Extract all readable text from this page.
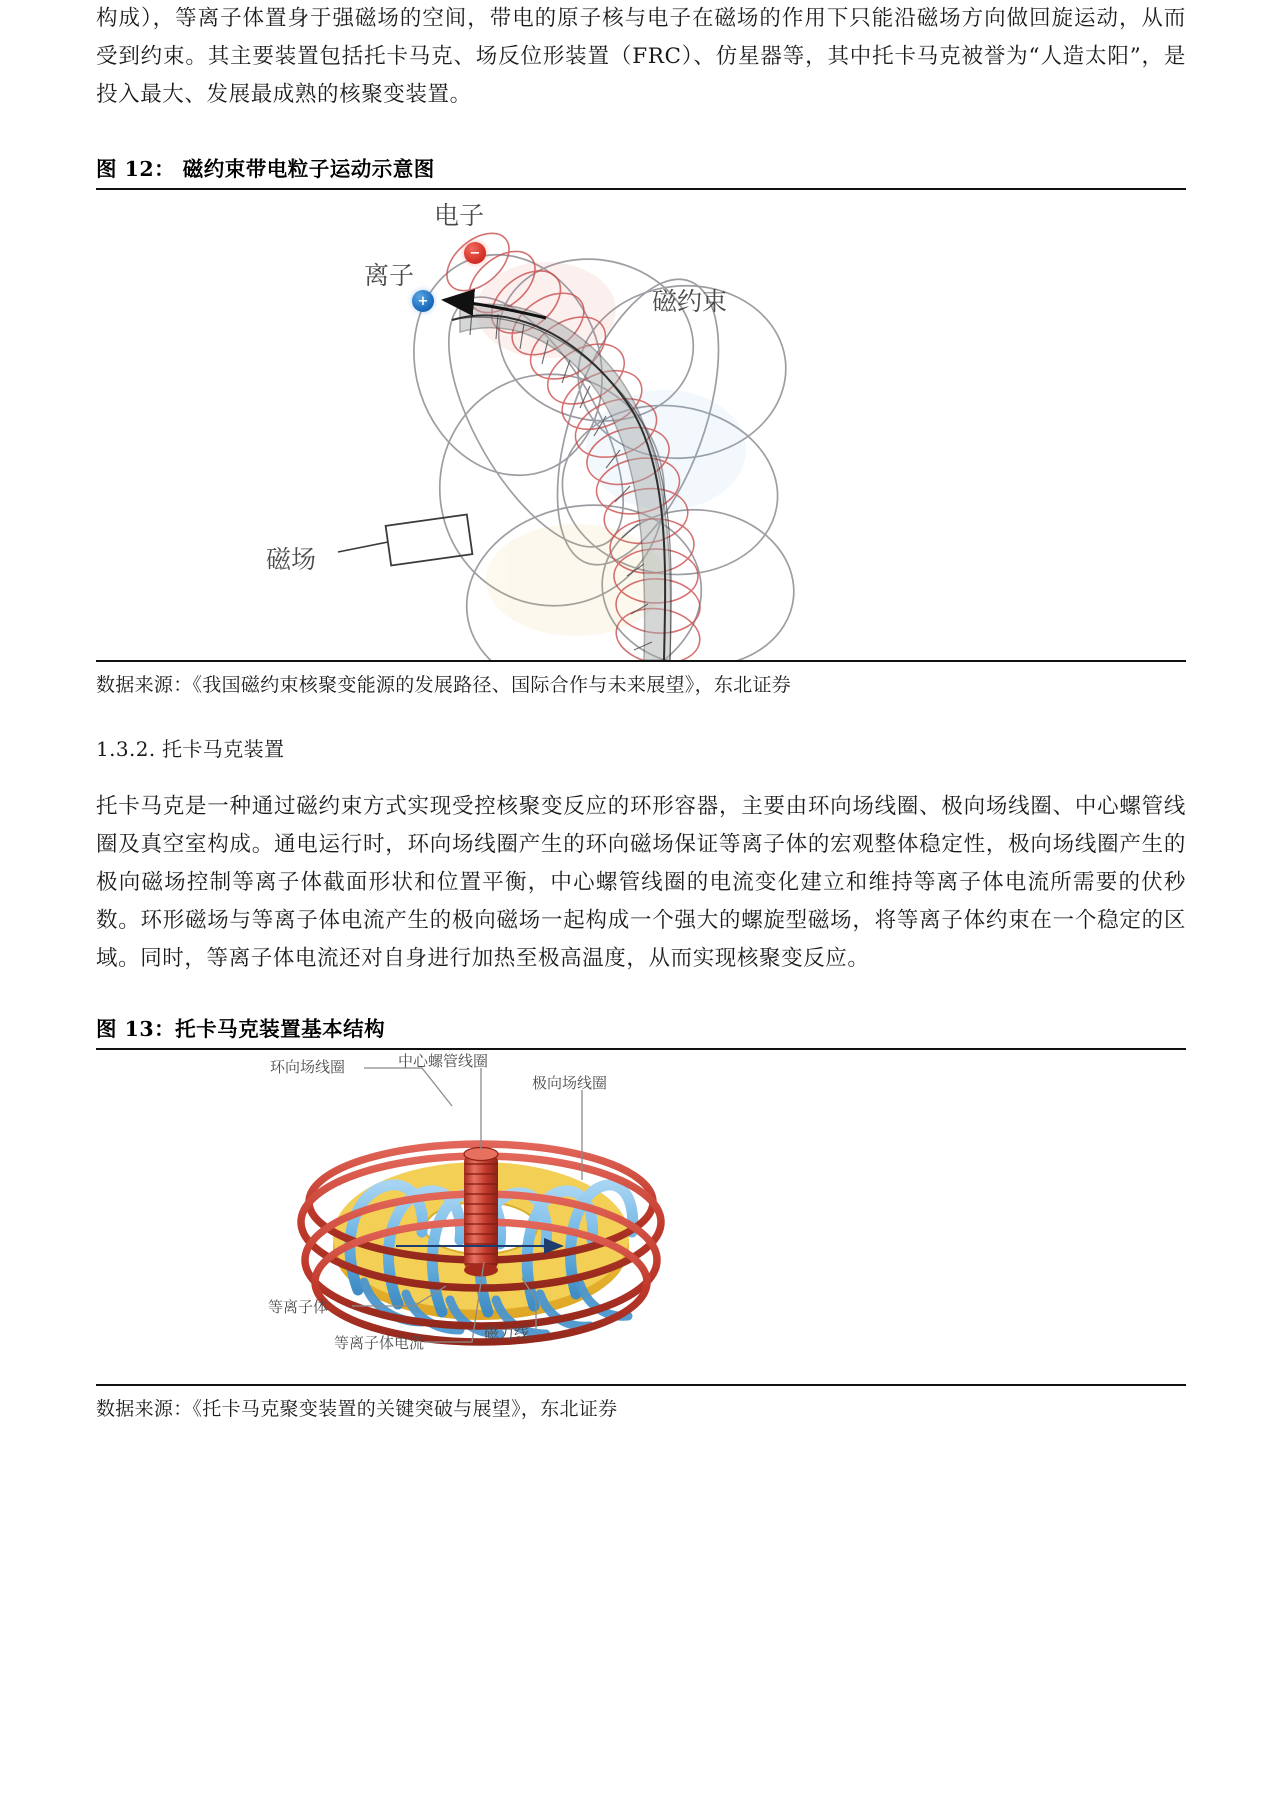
构成），等离子体置身于强磁场的空间，带电的原子核与电子在磁场的作用下只能沿磁场方向做回旋运动，从而受到约束。其主要装置包括托卡马克、场反位形装置（FRC）、仿星器等，其中托卡马克被誉为“人造太阳”，是投入最大、发展最成熟的核聚变装置。

图 12： 磁约束带电粒子运动示意图
−
+
电子
离子
磁约束
磁场
数据来源：《我国磁约束核聚变能源的发展路径、国际合作与未来展望》，东北证券
1.3.2. 托卡马克装置

托卡马克是一种通过磁约束方式实现受控核聚变反应的环形容器，主要由环向场线圈、极向场线圈、中心螺管线圈及真空室构成。通电运行时，环向场线圈产生的环向磁场保证等离子体的宏观整体稳定性，极向场线圈产生的极向磁场控制等离子体截面形状和位置平衡，中心螺管线圈的电流变化建立和维持等离子体电流所需要的伏秒数。环形磁场与等离子体电流产生的极向磁场一起构成一个强大的螺旋型磁场，将等离子体约束在一个稳定的区域。同时，等离子体电流还对自身进行加热至极高温度，从而实现核聚变反应。

图 13：托卡马克装置基本结构
环向场线圈	中心螺管线圈
极向场线圈
等离子体
等离子体电流
磁力线
数据来源：《托卡马克聚变装置的关键突破与展望》，东北证券
